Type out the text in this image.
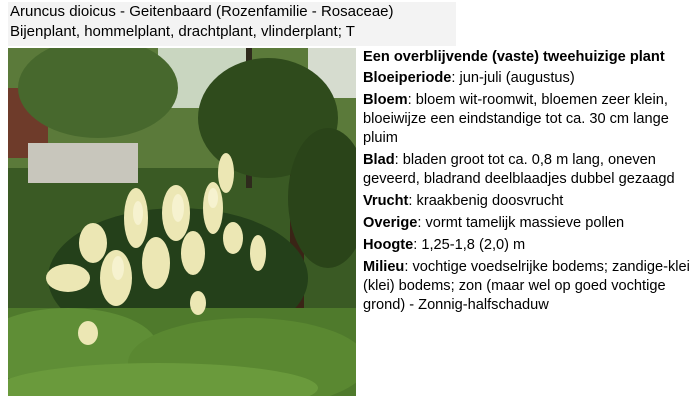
Aruncus dioicus - Geitenbaard (Rozenfamilie - Rosaceae)
Bijenplant, hommelplant, drachtplant, vlinderplant; T
Een overblijvende (vaste) tweehuizige plant
Bloeiperiode: jun-juli (augustus)
Bloem: bloem wit-roomwit, bloemen zeer klein, bloeiwijze een eindstandige tot ca. 30 cm lange pluim
Blad: bladen groot tot ca. 0,8 m lang, oneven geveerd, bladrand deelblaadjes dubbel gezaagd
Vrucht: kraakbenig doosvrucht
Overige: vormt tamelijk massieve pollen
Hoogte: 1,25-1,8 (2,0) m
Milieu: vochtige voedselrijke bodems; zandige-klei (klei) bodems; zon (maar wel op goed vochtige grond) - Zonnig-halfschaduw
